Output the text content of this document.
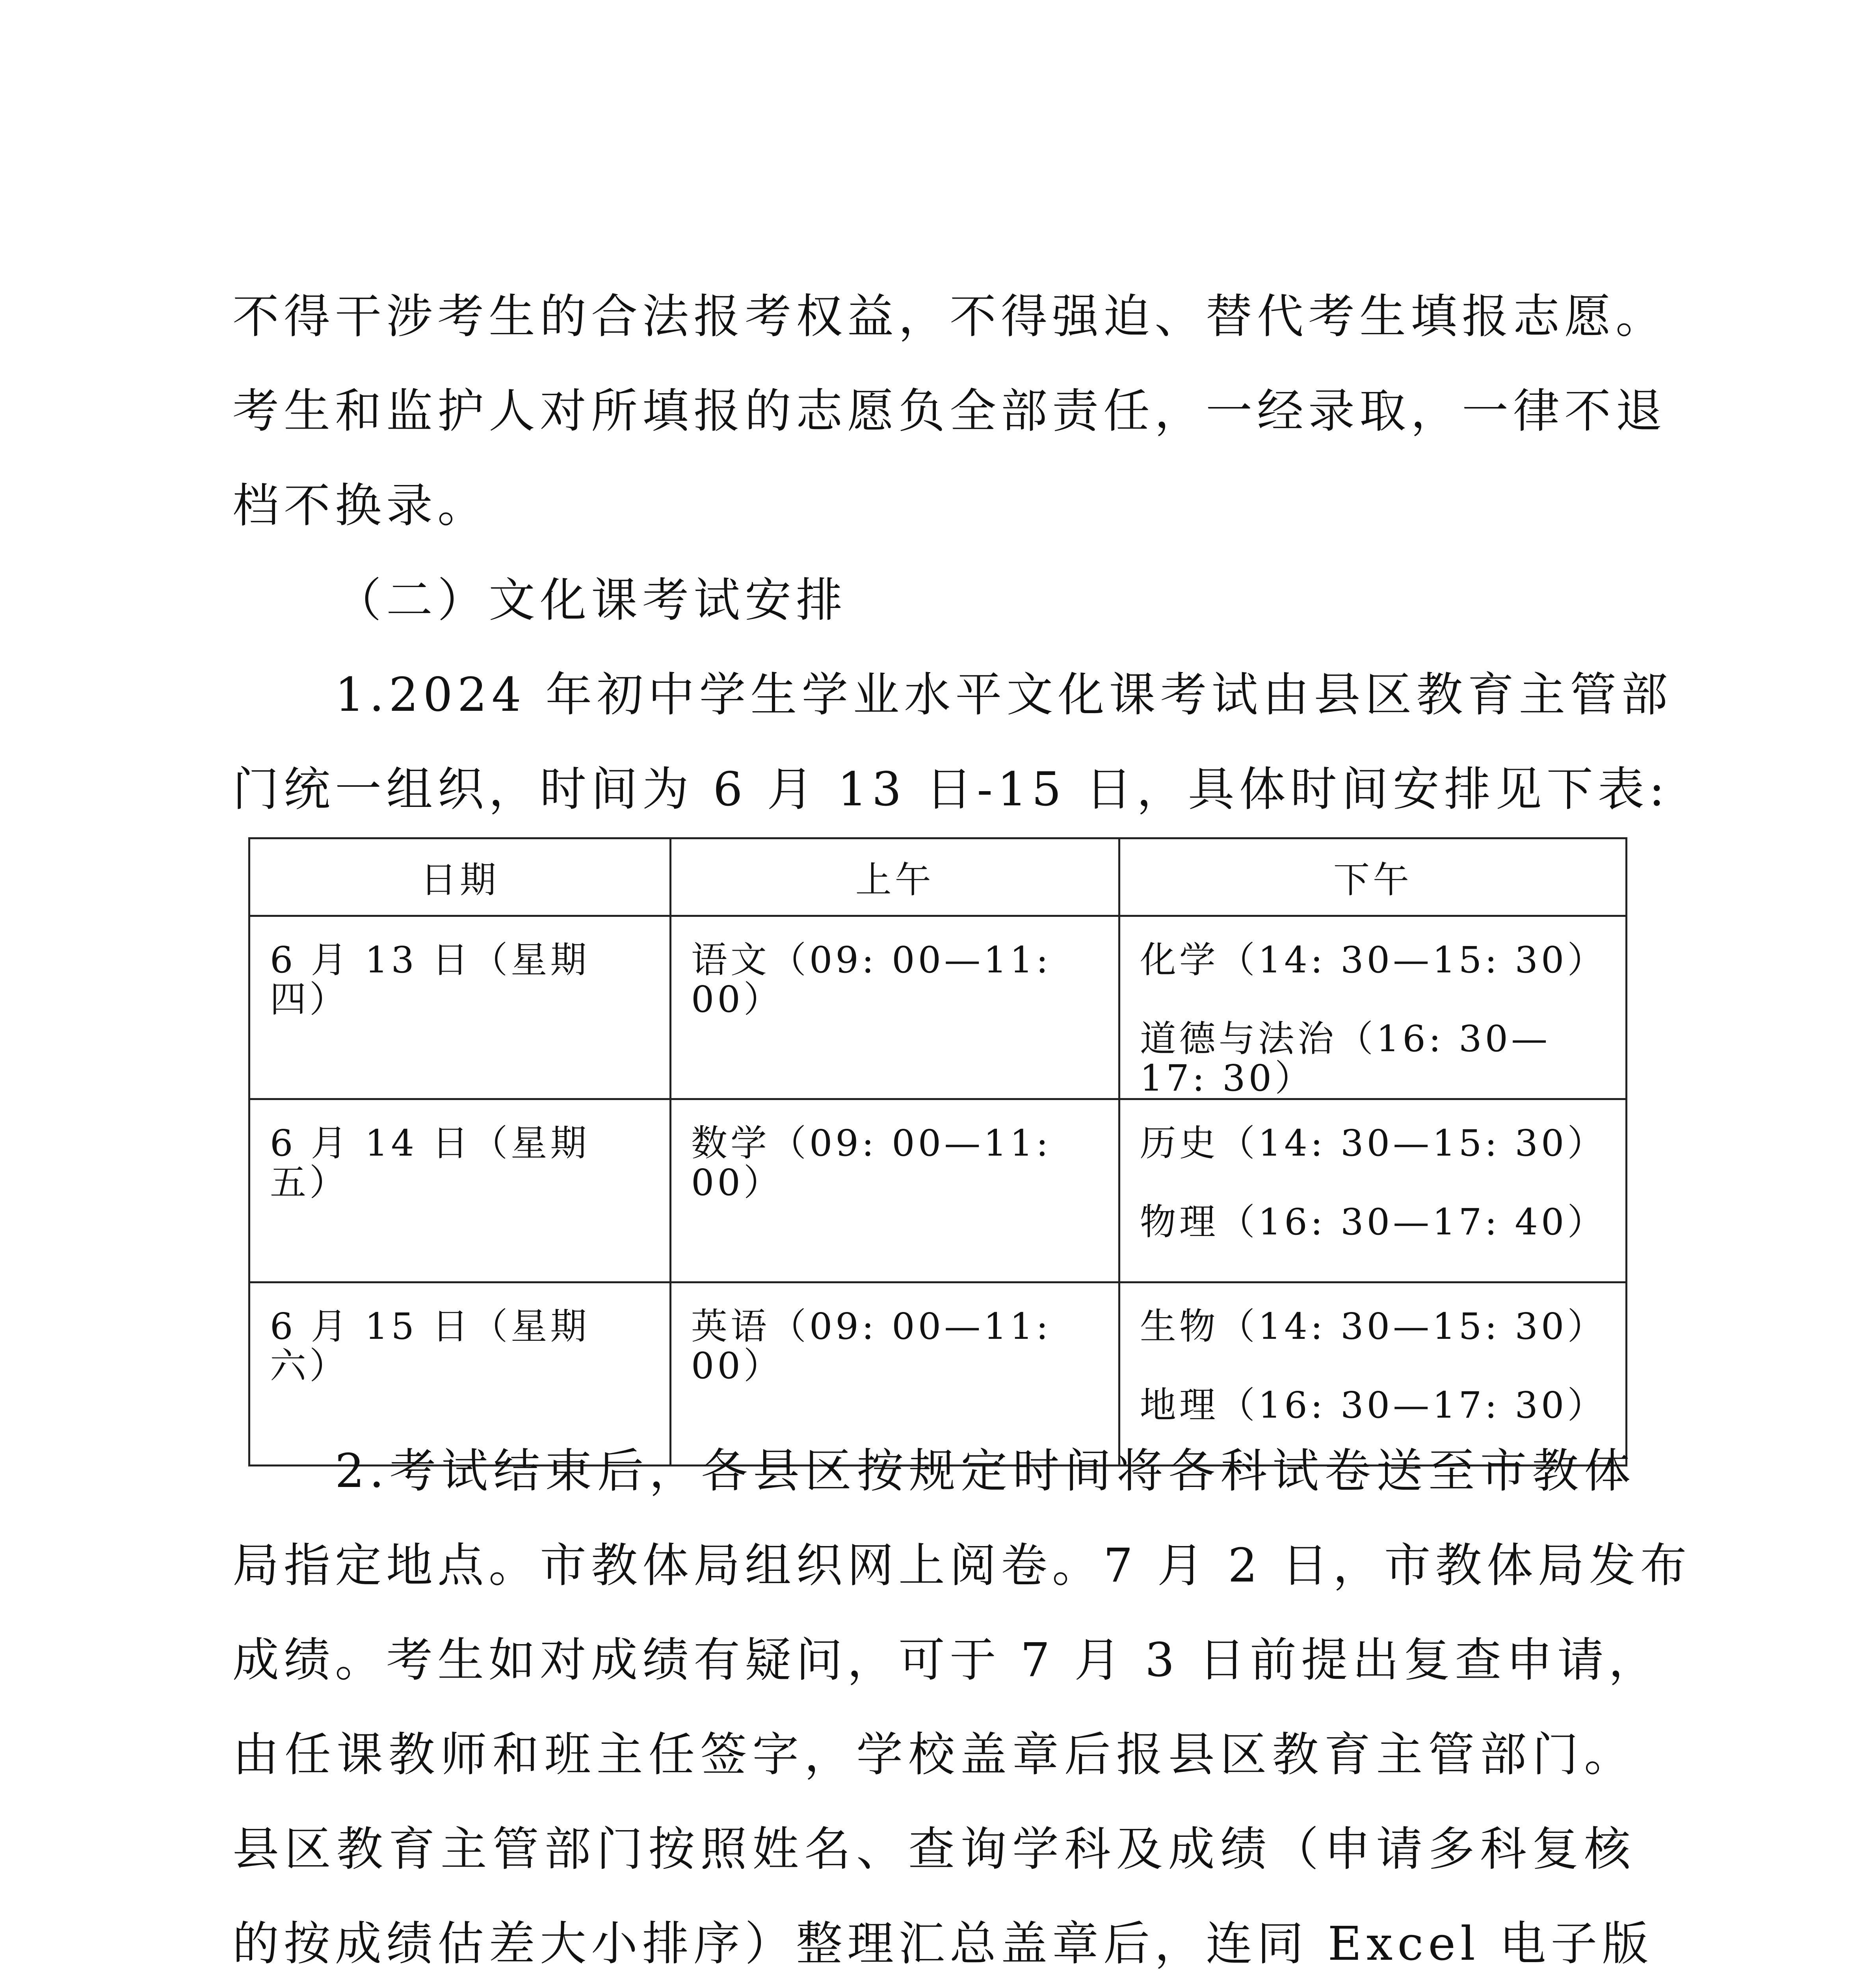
不得干涉考生的合法报考权益，不得强迫、替代考生填报志愿。
考生和监护人对所填报的志愿负全部责任，一经录取，一律不退
档不换录。
（二）文化课考试安排
1.2024 年初中学生学业水平文化课考试由县区教育主管部
门统一组织，时间为 6 月 13 日-15 日，具体时间安排见下表:
日期	上午	下午
6 月 13 日（星期四）	语文（09: 00—11: 00）	化学（14: 30—15: 30）
道德与法治（16: 30—17: 30）

6 月 14 日（星期五）	数学（09: 00—11: 00）	历史（14: 30—15: 30）
物理（16: 30—17: 40）

6 月 15 日（星期六）	英语（09: 00—11: 00）	生物（14: 30—15: 30）
地理（16: 30—17: 30）
2.考试结束后，各县区按规定时间将各科试卷送至市教体
局指定地点。市教体局组织网上阅卷。7 月 2 日，市教体局发布
成绩。考生如对成绩有疑问，可于 7 月 3 日前提出复查申请，
由任课教师和班主任签字，学校盖章后报县区教育主管部门。
县区教育主管部门按照姓名、查询学科及成绩（申请多科复核
的按成绩估差大小排序）整理汇总盖章后，连同 Excel 电子版
